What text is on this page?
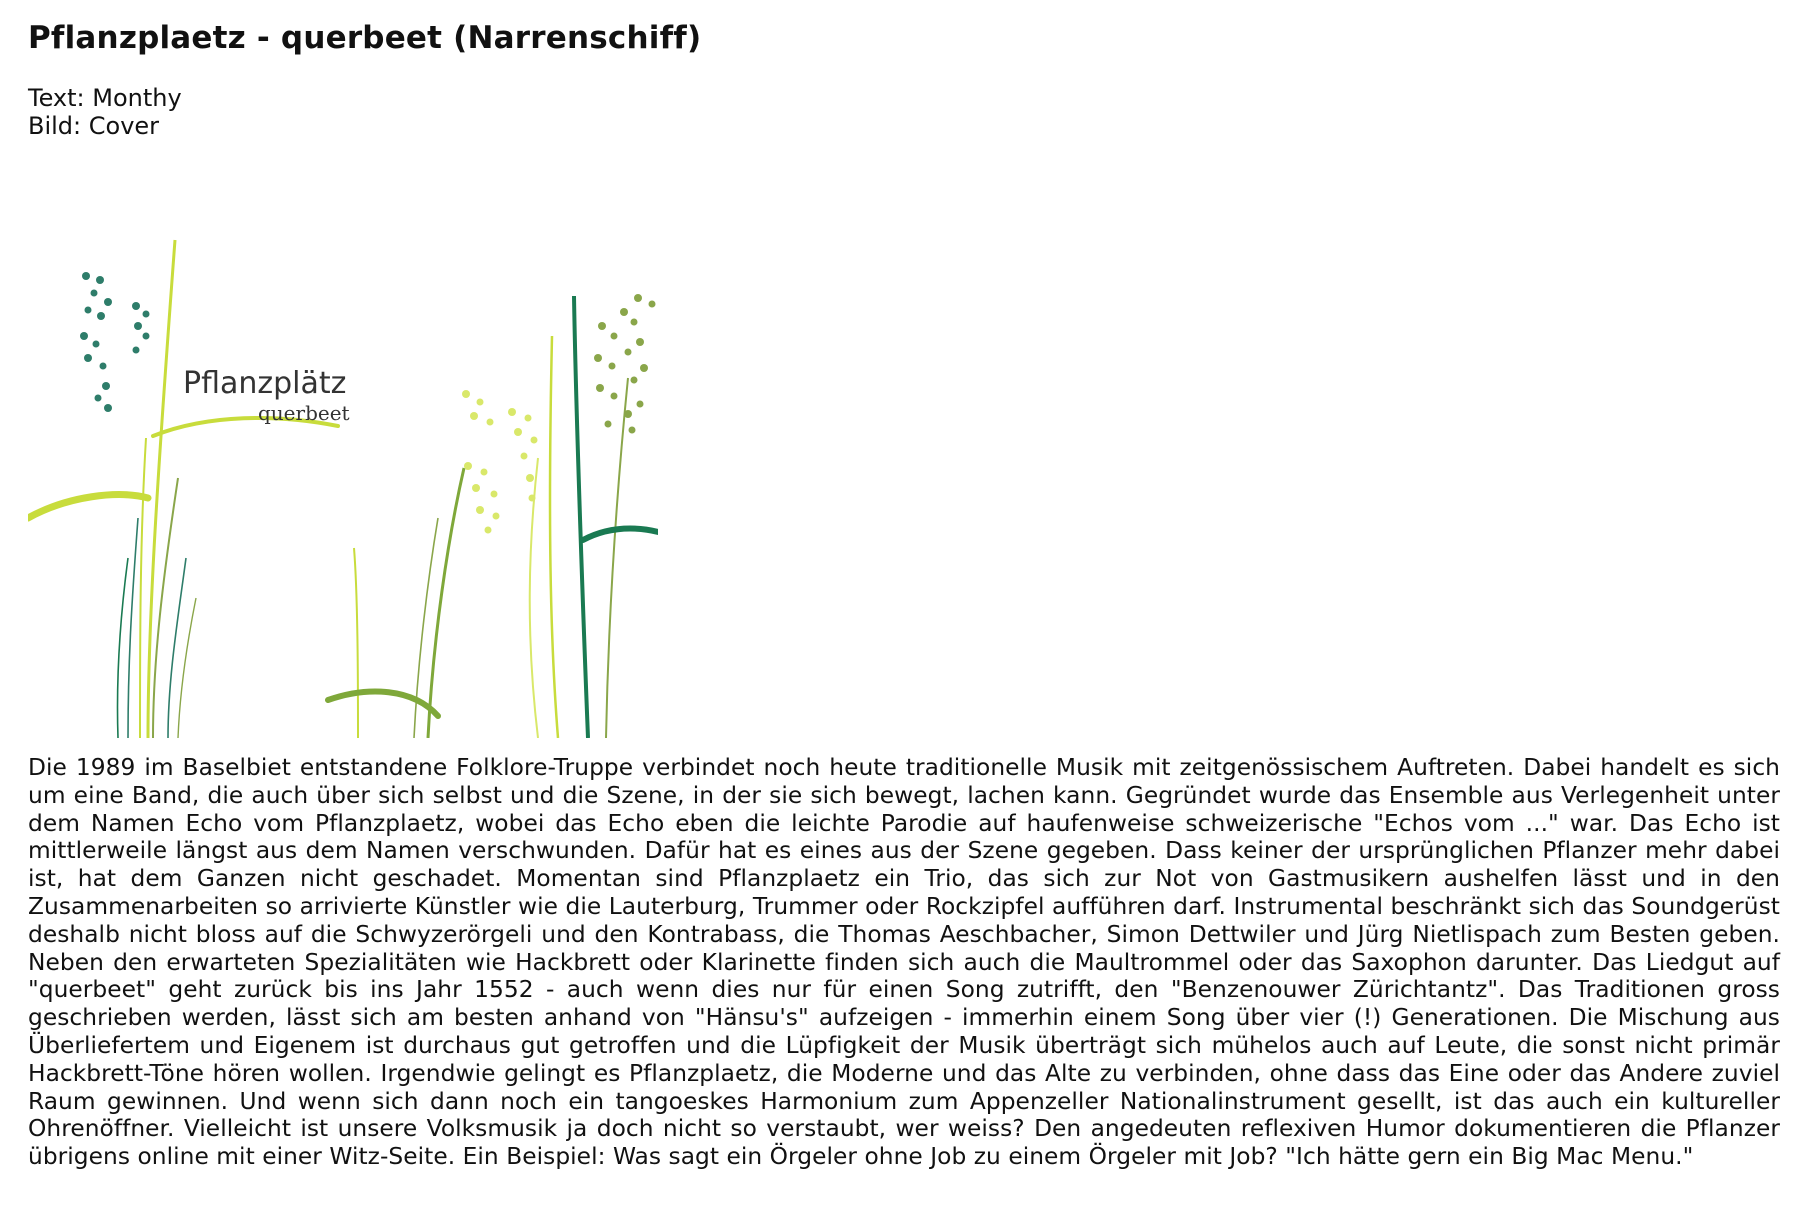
Pflanzplaetz - querbeet (Narrenschiff)
Text: Monthy
Bild: Cover
Pflanzplätz
querbeet

Die 1989 im Baselbiet entstandene Folklore-Truppe verbindet noch heute traditionelle Musik mit zeitgenössischem Auftreten. Dabei handelt es sich um eine Band, die auch über sich selbst und die Szene, in der sie sich bewegt, lachen kann. Gegründet wurde das Ensemble aus Verlegenheit unter dem Namen Echo vom Pflanzplaetz, wobei das Echo eben die leichte Parodie auf haufenweise schweizerische "Echos vom ..." war. Das Echo ist mittlerweile längst aus dem Namen verschwunden. Dafür hat es eines aus der Szene gegeben. Dass keiner der ursprünglichen Pflanzer mehr dabei ist, hat dem Ganzen nicht geschadet. Momentan sind Pflanzplaetz ein Trio, das sich zur Not von Gastmusikern aushelfen lässt und in den Zusammenarbeiten so arrivierte Künstler wie die Lauterburg, Trummer oder Rockzipfel aufführen darf. Instrumental beschränkt sich das Soundgerüst deshalb nicht bloss auf die Schwyzerörgeli und den Kontrabass, die Thomas Aeschbacher, Simon Dettwiler und Jürg Nietlispach zum Besten geben. Neben den erwarteten Spezialitäten wie Hackbrett oder Klarinette finden sich auch die Maultrommel oder das Saxophon darunter. Das Liedgut auf "querbeet" geht zurück bis ins Jahr 1552 - auch wenn dies nur für einen Song zutrifft, den "Benzenouwer Zürichtantz". Das Traditionen gross geschrieben werden, lässt sich am besten anhand von "Hänsu's" aufzeigen - immerhin einem Song über vier (!) Generationen. Die Mischung aus Überliefertem und Eigenem ist durchaus gut getroffen und die Lüpfigkeit der Musik überträgt sich mühelos auch auf Leute, die sonst nicht primär Hackbrett-Töne hören wollen. Irgendwie gelingt es Pflanzplaetz, die Moderne und das Alte zu verbinden, ohne dass das Eine oder das Andere zuviel Raum gewinnen. Und wenn sich dann noch ein tangoeskes Harmonium zum Appenzeller Nationalinstrument gesellt, ist das auch ein kultureller Ohrenöffner. Vielleicht ist unsere Volksmusik ja doch nicht so verstaubt, wer weiss? Den angedeuten reflexiven Humor dokumentieren die Pflanzer übrigens online mit einer Witz-Seite. Ein Beispiel: Was sagt ein Örgeler ohne Job zu einem Örgeler mit Job? "Ich hätte gern ein Big Mac Menu."
